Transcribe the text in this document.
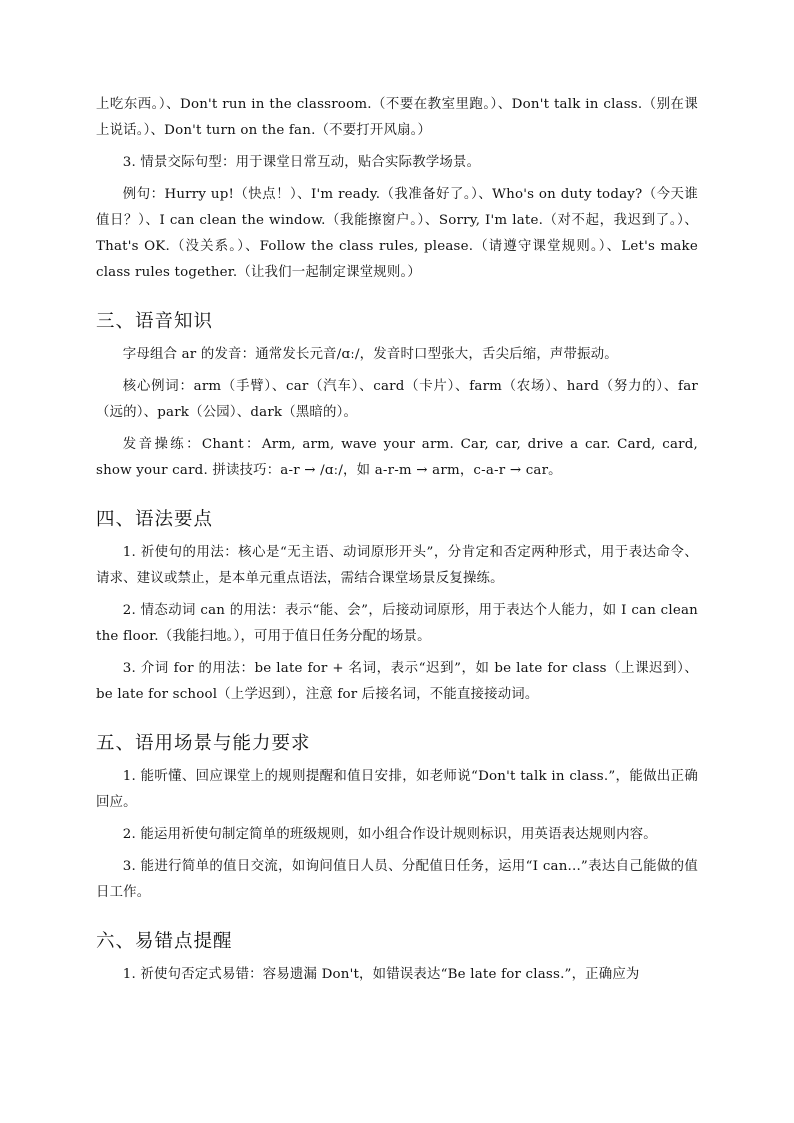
上吃东西。）、Don't run in the classroom.（不要在教室里跑。）、Don't talk in class.（别在课上说话。）、Don't turn on the fan.（不要打开风扇。）

3. 情景交际句型：用于课堂日常互动，贴合实际教学场景。

例句：Hurry up!（快点！）、I'm ready.（我准备好了。）、Who's on duty today?（今天谁值日？）、I can clean the window.（我能擦窗户。）、Sorry, I'm late.（对不起，我迟到了。）、That's OK.（没关系。）、Follow the class rules, please.（请遵守课堂规则。）、Let's make class rules together.（让我们一起制定课堂规则。）

三、语音知识

字母组合 ar 的发音：通常发长元音/ɑː/，发音时口型张大，舌尖后缩，声带振动。

核心例词：arm（手臂）、car（汽车）、card（卡片）、farm（农场）、hard（努力的）、far（远的）、park（公园）、dark（黑暗的）。

发音操练：Chant：Arm, arm, wave your arm. Car, car, drive a car. Card, card, show your card. 拼读技巧：a-r → /ɑː/，如 a-r-m → arm，c-a-r → car。

四、语法要点

1. 祈使句的用法：核心是“无主语、动词原形开头”，分肯定和否定两种形式，用于表达命令、请求、建议或禁止，是本单元重点语法，需结合课堂场景反复操练。

2. 情态动词 can 的用法：表示“能、会”，后接动词原形，用于表达个人能力，如 I can clean the floor.（我能扫地。），可用于值日任务分配的场景。

3. 介词 for 的用法：be late for + 名词，表示“迟到”，如 be late for class（上课迟到）、be late for school（上学迟到），注意 for 后接名词，不能直接接动词。

五、语用场景与能力要求

1. 能听懂、回应课堂上的规则提醒和值日安排，如老师说“Don't talk in class.”，能做出正确回应。

2. 能运用祈使句制定简单的班级规则，如小组合作设计规则标识，用英语表达规则内容。

3. 能进行简单的值日交流，如询问值日人员、分配值日任务，运用“I can...”表达自己能做的值日工作。

六、易错点提醒

1. 祈使句否定式易错：容易遗漏 Don't，如错误表达“Be late for class.”，正确应为
